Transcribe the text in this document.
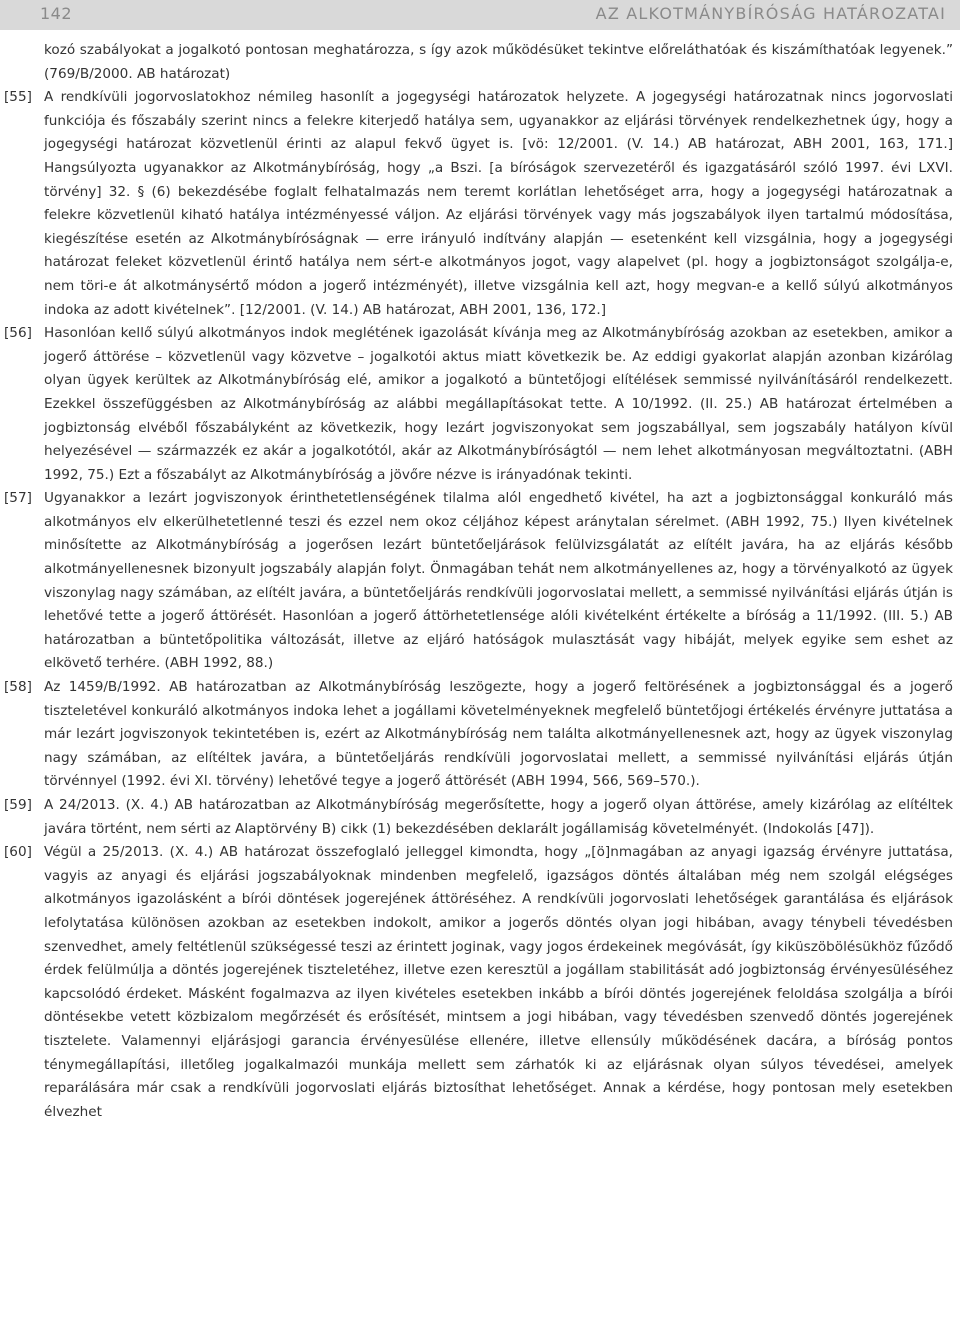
142	AZ ALKOTMÁNYBÍRÓSÁG HATÁROZATAI

kozó szabályokat a jogalkotó pontosan meghatározza, s így azok működésüket tekintve előreláthatóak és kiszámíthatóak legyenek.” (769/B/2000. AB határozat)

[55] A rendkívüli jogorvoslatokhoz némileg hasonlít a jogegységi határozatok helyzete. A jogegységi határozatnak nincs jogorvoslati funkciója és főszabály szerint nincs a felekre kiterjedő hatálya sem, ugyanakkor az eljárási törvények rendelkezhetnek úgy, hogy a jogegységi határozat közvetlenül érinti az alapul fekvő ügyet is. [vö: 12/2001. (V. 14.) AB határozat, ABH 2001, 163, 171.] Hangsúlyozta ugyanakkor az Alkotmánybíróság, hogy „a Bszi. [a bíróságok szervezetéről és igazgatásáról szóló 1997. évi LXVI. törvény] 32. § (6) bekezdésébe foglalt felhatalmazás nem teremt korlátlan lehetőséget arra, hogy a jogegységi határozatnak a felekre közvetlenül kiható hatálya intézményessé váljon. Az eljárási törvények vagy más jogszabályok ilyen tartalmú módosítása, kiegészítése esetén az Alkotmánybíróságnak — erre irányuló indítvány alapján — esetenként kell vizsgálnia, hogy a jogegységi határozat feleket közvetlenül érintő hatálya nem sért-e alkotmányos jogot, vagy alapelvet (pl. hogy a jogbiztonságot szolgálja-e, nem töri-e át alkotmánysértő módon a jogerő intézményét), illetve vizsgálnia kell azt, hogy megvan-e a kellő súlyú alkotmányos indoka az adott kivételnek”. [12/2001. (V. 14.) AB határozat, ABH 2001, 136, 172.]

[56] Hasonlóan kellő súlyú alkotmányos indok meglétének igazolását kívánja meg az Alkotmánybíróság azokban az esetekben, amikor a jogerő áttörése – közvetlenül vagy közvetve – jogalkotói aktus miatt következik be. Az eddigi gyakorlat alapján azonban kizárólag olyan ügyek kerültek az Alkotmánybíróság elé, amikor a jogalkotó a büntetőjogi elítélések semmissé nyilvánításáról rendelkezett. Ezekkel összefüggésben az Alkotmánybíróság az alábbi megállapításokat tette. A 10/1992. (II. 25.) AB határozat értelmében a jogbiztonság elvéből főszabályként az következik, hogy lezárt jogviszonyokat sem jogszabállyal, sem jogszabály hatályon kívül helyezésével — származzék ez akár a jogalkotótól, akár az Alkotmánybíróságtól — nem lehet alkotmányosan megváltoztatni. (ABH 1992, 75.) Ezt a főszabályt az Alkotmánybíróság a jövőre nézve is irányadónak tekinti.

[57] Ugyanakkor a lezárt jogviszonyok érinthetetlenségének tilalma alól engedhető kivétel, ha azt a jogbiztonsággal konkuráló más alkotmányos elv elkerülhetetlenné teszi és ezzel nem okoz céljához képest aránytalan sérelmet. (ABH 1992, 75.) Ilyen kivételnek minősítette az Alkotmánybíróság a jogerősen lezárt büntetőeljárások felülvizsgálatát az elítélt javára, ha az eljárás később alkotmányellenesnek bizonyult jogszabály alapján folyt. Önmagában tehát nem alkotmányellenes az, hogy a törvényalkotó az ügyek viszonylag nagy számában, az elítélt javára, a büntetőeljárás rendkívüli jogorvoslatai mellett, a semmissé nyilvánítási eljárás útján is lehetővé tette a jogerő áttörését. Hasonlóan a jogerő áttörhetetlensége alóli kivételként értékelte a bíróság a 11/1992. (III. 5.) AB határozatban a büntetőpolitika változását, illetve az eljáró hatóságok mulasztását vagy hibáját, melyek egyike sem eshet az elkövető terhére. (ABH 1992, 88.)

[58] Az 1459/B/1992. AB határozatban az Alkotmánybíróság leszögezte, hogy a jogerő feltörésének a jogbiztonsággal és a jogerő tiszteletével konkuráló alkotmányos indoka lehet a jogállami követelményeknek megfelelő büntetőjogi értékelés érvényre juttatása a már lezárt jogviszonyok tekintetében is, ezért az Alkotmánybíróság nem találta alkotmányellenesnek azt, hogy az ügyek viszonylag nagy számában, az elítéltek javára, a büntetőeljárás rendkívüli jogorvoslatai mellett, a semmissé nyilvánítási eljárás útján törvénnyel (1992. évi XI. törvény) lehetővé tegye a jogerő áttörését (ABH 1994, 566, 569–570.).

[59] A 24/2013. (X. 4.) AB határozatban az Alkotmánybíróság megerősítette, hogy a jogerő olyan áttörése, amely kizárólag az elítéltek javára történt, nem sérti az Alaptörvény B) cikk (1) bekezdésében deklarált jogállamiság követelményét. (Indokolás [47]).

[60] Végül a 25/2013. (X. 4.) AB határozat összefoglaló jelleggel kimondta, hogy „[ö]nmagában az anyagi igazság érvényre juttatása, vagyis az anyagi és eljárási jogszabályoknak mindenben megfelelő, igazságos döntés általában még nem szolgál elégséges alkotmányos igazolásként a bírói döntések jogerejének áttöréséhez. A rendkívüli jogorvoslati lehetőségek garantálása és eljárások lefolytatása különösen azokban az esetekben indokolt, amikor a jogerős döntés olyan jogi hibában, avagy ténybeli tévedésben szenvedhet, amely feltétlenül szükségessé teszi az érintett joginak, vagy jogos érdekeinek megóvását, így kiküszöbölésükhöz fűződő érdek felülmúlja a döntés jogerejének tiszteletéhez, illetve ezen keresztül a jogállam stabilitását adó jogbiztonság érvényesüléséhez kapcsolódó érdeket. Másként fogalmazva az ilyen kivételes esetekben inkább a bírói döntés jogerejének feloldása szolgálja a bírói döntésekbe vetett közbizalom megőrzését és erősítését, mintsem a jogi hibában, vagy tévedésben szenvedő döntés jogerejének tisztelete. Valamennyi eljárásjogi garancia érvényesülése ellenére, illetve ellensúly működésének dacára, a bíróság pontos ténymegállapítási, illetőleg jogalkalmazói munkája mellett sem zárhatók ki az eljárásnak olyan súlyos tévedései, amelyek reparálására már csak a rendkívüli jogorvoslati eljárás biztosíthat lehetőséget. Annak a kérdése, hogy pontosan mely esetekben élvezhet
